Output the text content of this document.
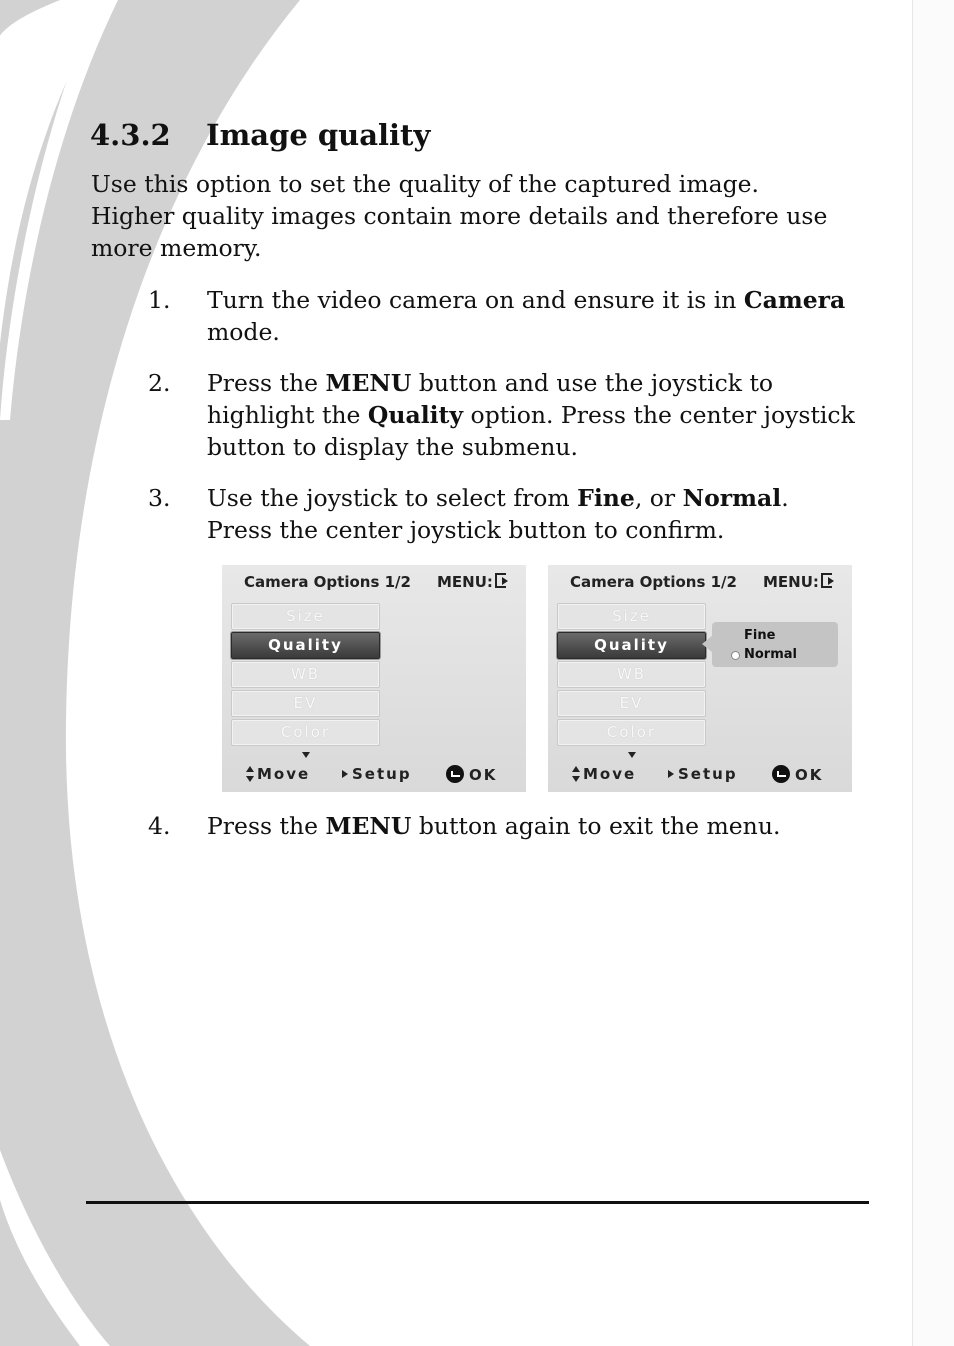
4.3.2 Image quality

Use this option to set the quality of the captured image. Higher quality images contain more details and therefore use more memory.

1. Turn the video camera on and ensure it is in Camera mode.
2. Press the MENU button and use the joystick to highlight the Quality option. Press the center joystick button to display the submenu.
3. Use the joystick to select from Fine, or Normal. Press the center joystick button to confirm.
Camera Options 1/2 MENU:
Size
Quality
WB
EV
Color
Move	Setup	OK
Camera Options 1/2 MENU:
Size
Quality
WB
EV
Color
Fine
Normal
Move	Setup	OK
4. Press the MENU button again to exit the menu.
